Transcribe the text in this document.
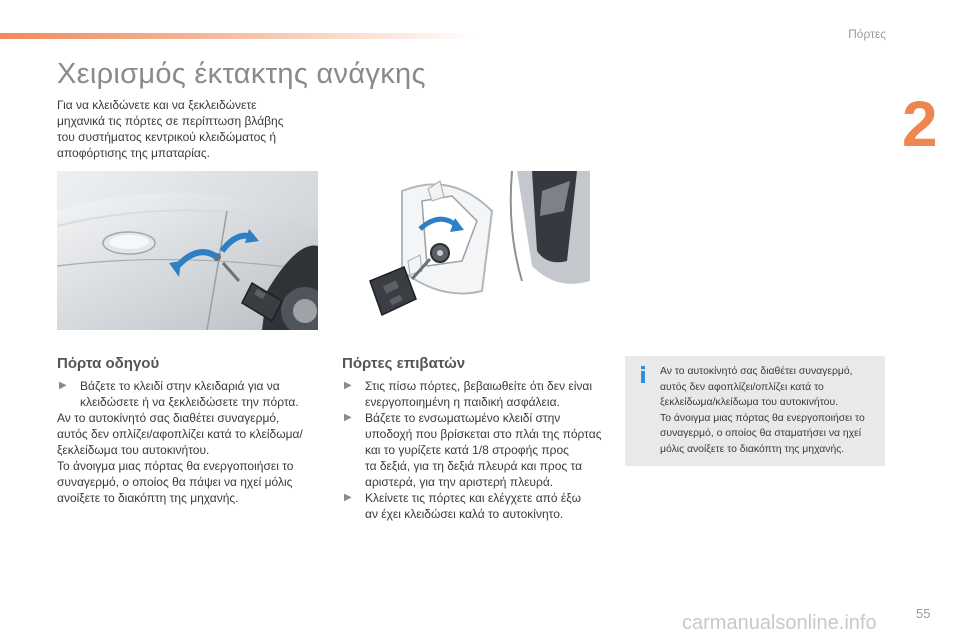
Πόρτες
2
Χειρισμός έκτακτης ανάγκης
Για να κλειδώνετε και να ξεκλειδώνετε
μηχανικά τις πόρτες σε περίπτωση βλάβης
του συστήματος κεντρικού κλειδώματος ή
αποφόρτισης της μπαταρίας.
Πόρτα οδηγού
▶ Βάζετε το κλειδί στην κλειδαριά για να
κλειδώσετε ή να ξεκλειδώσετε την πόρτα.

Αν το αυτοκίνητό σας διαθέτει συναγερμό,

αυτός δεν οπλίζει/αφοπλίζει κατά το κλείδωμα/

ξεκλείδωμα του αυτοκινήτου.

Το άνοιγμα μιας πόρτας θα ενεργοποιήσει το

συναγερμό, ο οποίος θα πάψει να ηχεί μόλις

ανοίξετε το διακόπτη της μηχανής.

Πόρτες επιβατών
▶ Στις πίσω πόρτες, βεβαιωθείτε ότι δεν είναι
ενεργοποιημένη η παιδική ασφάλεια.
▶ Βάζετε το ενσωματωμένο κλειδί στην
υποδοχή που βρίσκεται στο πλάι της πόρτας
και το γυρίζετε κατά 1/8 στροφής προς
τα δεξιά, για τη δεξιά πλευρά και προς τα
αριστερά, για την αριστερή πλευρά.
▶ Κλείνετε τις πόρτες και ελέγχετε από έξω
αν έχει κλειδώσει καλά το αυτοκίνητο.
i Αν το αυτοκίνητό σας διαθέτει συναγερμό,
αυτός δεν αφοπλίζει/οπλίζει κατά το
ξεκλείδωμα/κλείδωμα του αυτοκινήτου.
Το άνοιγμα μιας πόρτας θα ενεργοποιήσει το
συναγερμό, ο οποίος θα σταματήσει να ηχεί
μόλις ανοίξετε το διακόπτη της μηχανής.
carmanualsonline.info	55
